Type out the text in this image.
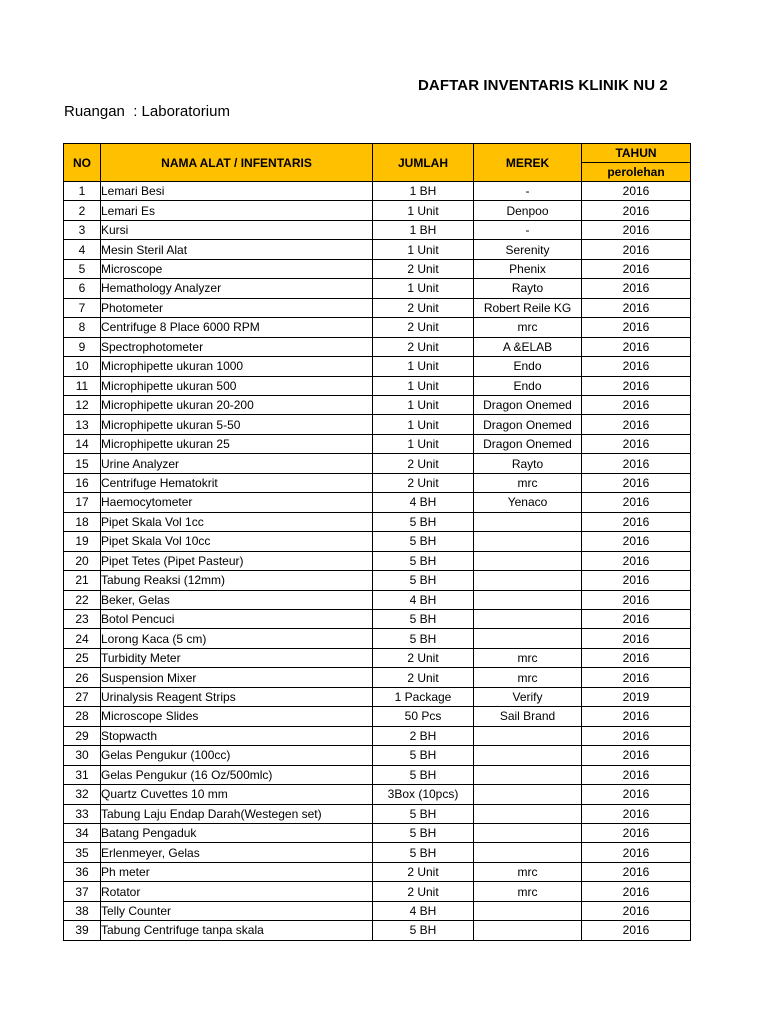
DAFTAR INVENTARIS KLINIK NU 2
Ruangan  : Laboratorium
NO	NAMA ALAT / INFENTARIS	JUMLAH	MEREK	TAHUN
				perolehan
1	Lemari Besi	1 BH	-	2016
2	Lemari Es	1 Unit	Denpoo	2016
3	Kursi	1 BH	-	2016
4	Mesin Steril Alat	1 Unit	Serenity	2016
5	Microscope	2 Unit	Phenix	2016
6	Hemathology Analyzer	1 Unit	Rayto	2016
7	Photometer	2 Unit	Robert Reile KG	2016
8	Centrifuge 8 Place 6000 RPM	2 Unit	mrc	2016
9	Spectrophotometer	2 Unit	A &ELAB	2016
10	Microphipette ukuran 1000	1 Unit	Endo	2016
11	Microphipette ukuran 500	1 Unit	Endo	2016
12	Microphipette ukuran 20-200	1 Unit	Dragon Onemed	2016
13	Microphipette ukuran 5-50	1 Unit	Dragon Onemed	2016
14	Microphipette ukuran 25	1 Unit	Dragon Onemed	2016
15	Urine Analyzer	2 Unit	Rayto	2016
16	Centrifuge Hematokrit	2 Unit	mrc	2016
17	Haemocytometer	4 BH	Yenaco	2016
18	Pipet Skala Vol 1cc	5 BH		2016
19	Pipet Skala Vol 10cc	5 BH		2016
20	Pipet Tetes (Pipet Pasteur)	5 BH		2016
21	Tabung Reaksi (12mm)	5 BH		2016
22	Beker, Gelas	4 BH		2016
23	Botol Pencuci	5 BH		2016
24	Lorong Kaca (5 cm)	5 BH		2016
25	Turbidity Meter	2 Unit	mrc	2016
26	Suspension Mixer	2 Unit	mrc	2016
27	Urinalysis Reagent Strips	1 Package	Verify	2019
28	Microscope Slides	50 Pcs	Sail Brand	2016
29	Stopwacth	2 BH		2016
30	Gelas Pengukur (100cc)	5 BH		2016
31	Gelas Pengukur (16 Oz/500mlc)	5 BH		2016
32	Quartz Cuvettes 10 mm	3Box (10pcs)		2016
33	Tabung Laju Endap Darah(Westegen set)	5 BH		2016
34	Batang Pengaduk	5 BH		2016
35	Erlenmeyer, Gelas	5 BH		2016
36	Ph meter	2 Unit	mrc	2016
37	Rotator	2 Unit	mrc	2016
38	Telly Counter	4 BH		2016
39	Tabung Centrifuge tanpa skala	5 BH		2016
